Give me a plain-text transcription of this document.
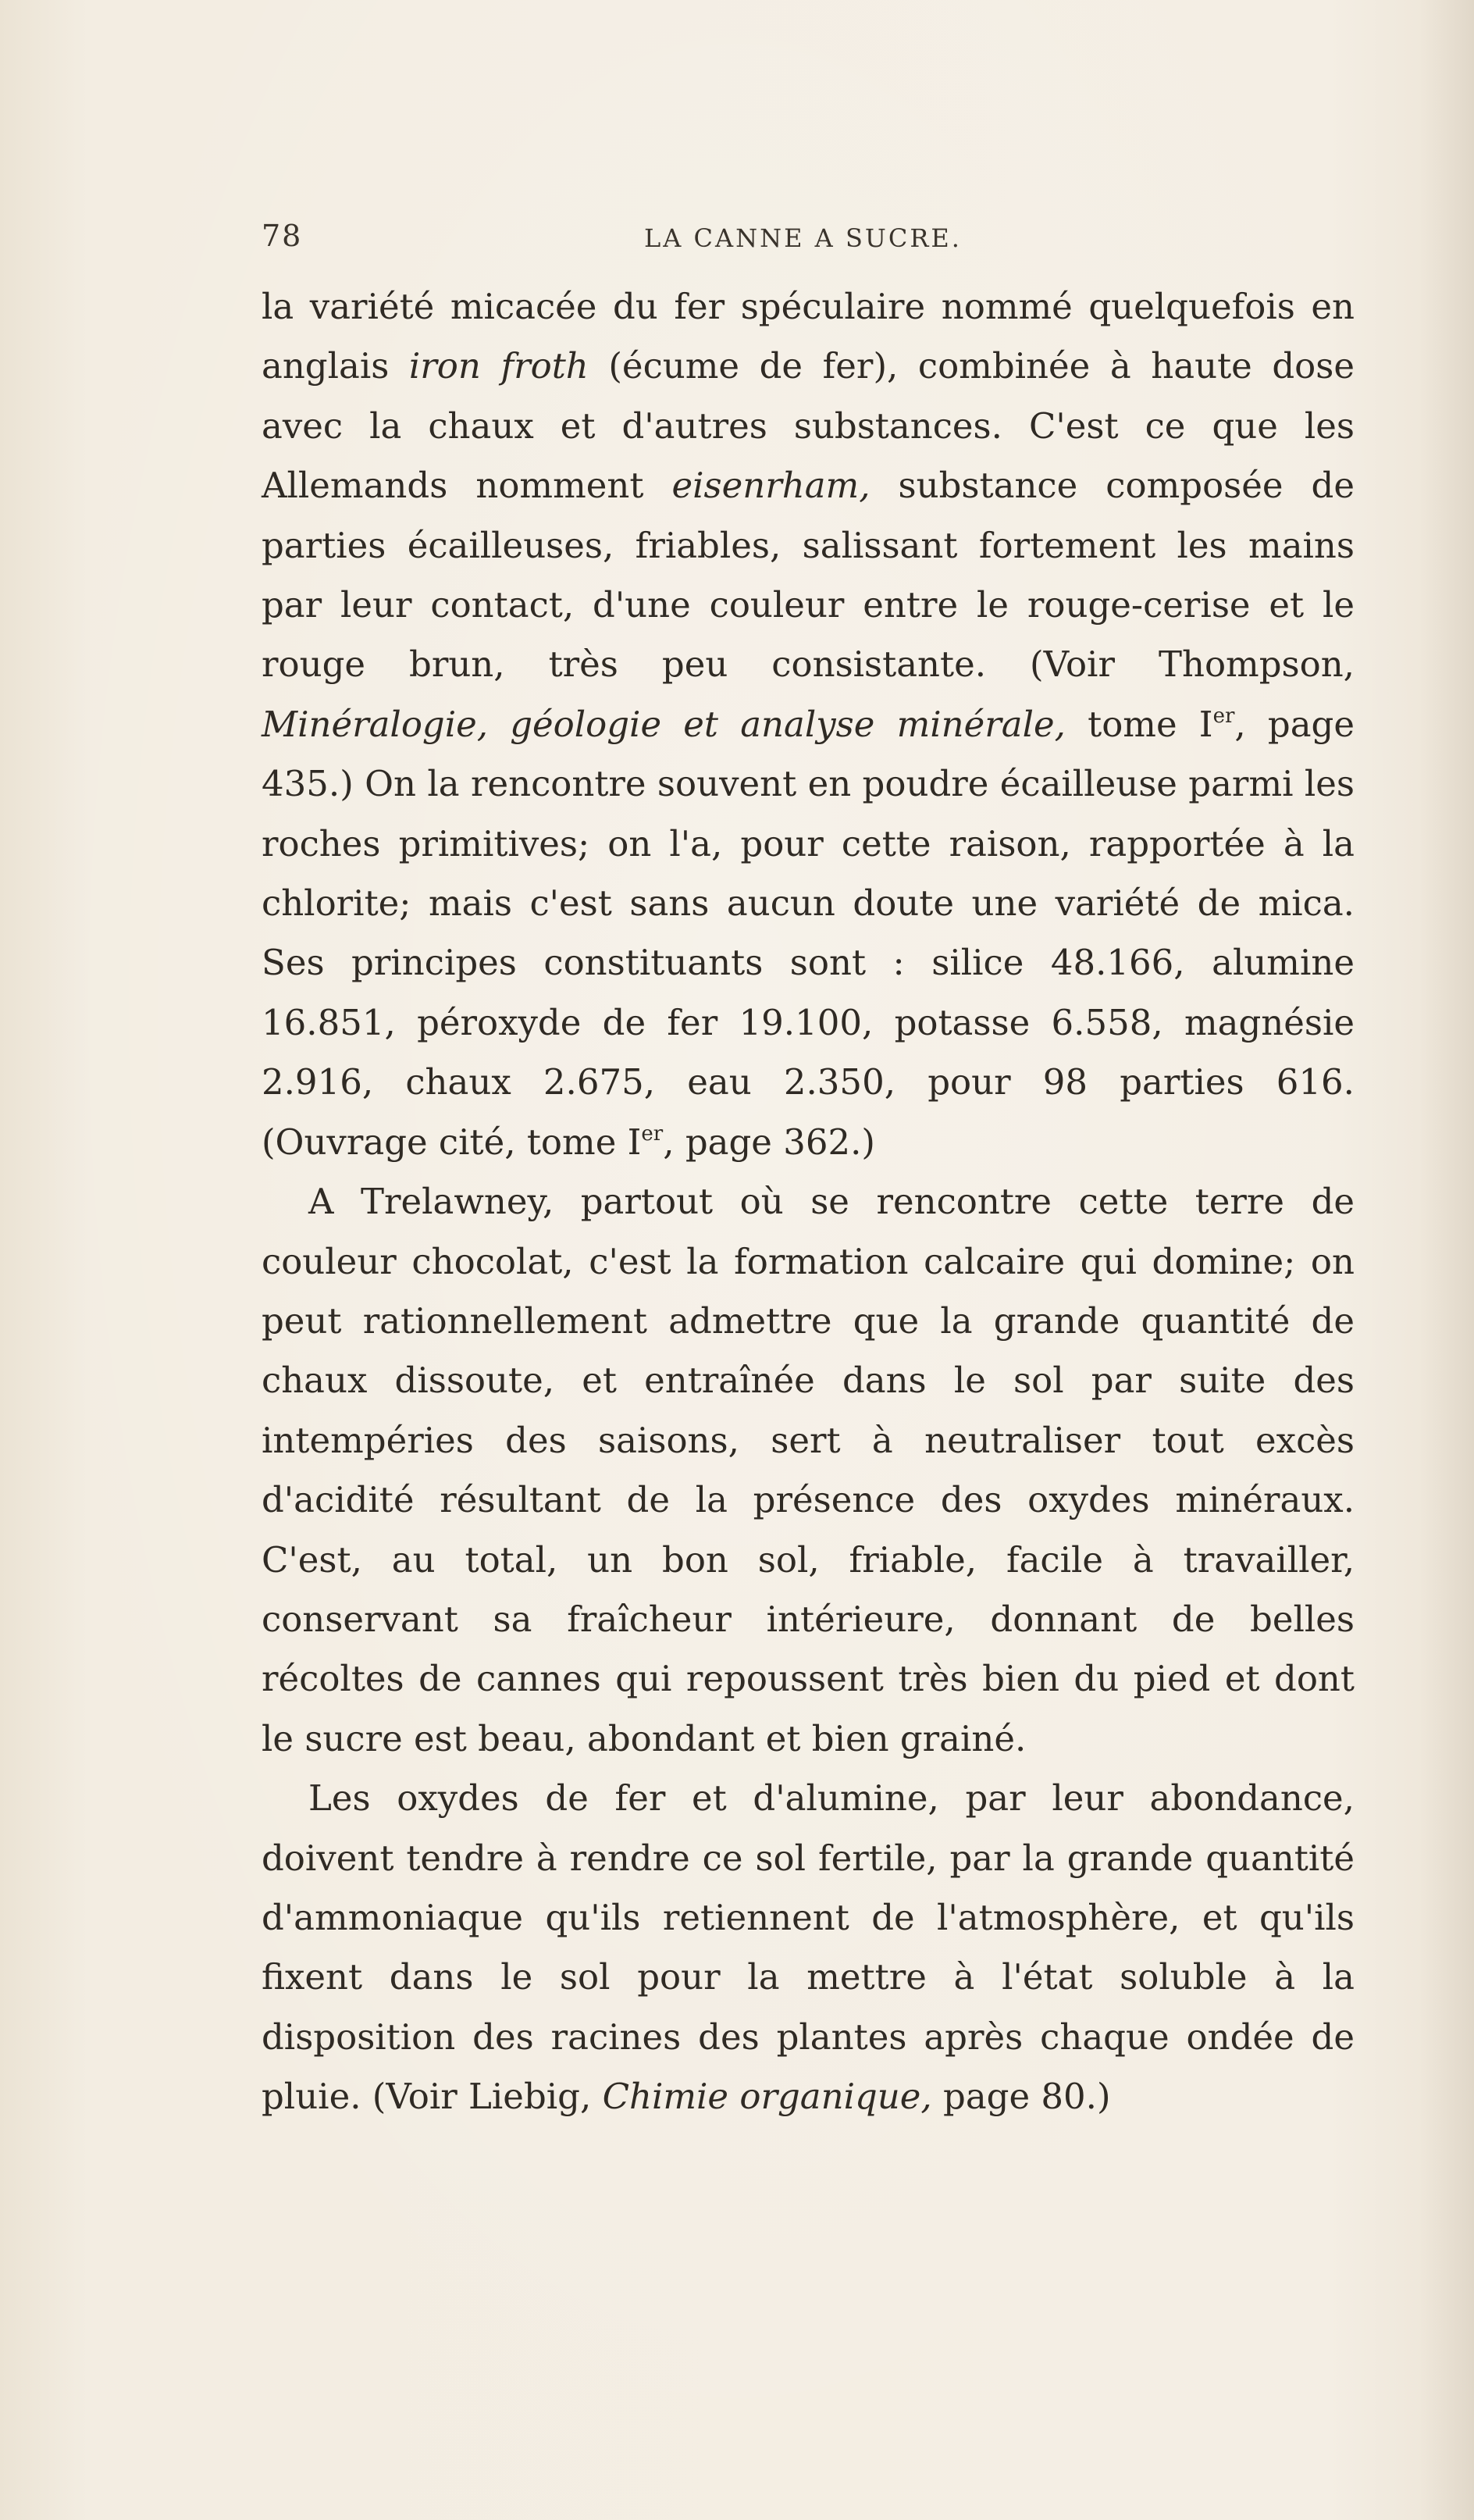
78	LA CANNE A SUCRE.

la variété micacée du fer spéculaire nommé quelquefois en anglais iron froth (écume de fer), combinée à haute dose avec la chaux et d'autres substances. C'est ce que les Allemands nomment eisenrham, substance composée de parties écailleuses, friables, salissant fortement les mains par leur contact, d'une couleur entre le rouge-cerise et le rouge brun, très peu consistante. (Voir Thompson, Minéralogie, géologie et analyse minérale, tome Ier, page 435.) On la rencontre souvent en poudre écailleuse parmi les roches primitives; on l'a, pour cette raison, rapportée à la chlorite; mais c'est sans aucun doute une variété de mica. Ses principes constituants sont : silice 48.166, alumine 16.851, péroxyde de fer 19.100, potasse 6.558, magnésie 2.916, chaux 2.675, eau 2.350, pour 98 parties 616. (Ouvrage cité, tome Ier, page 362.)

A Trelawney, partout où se rencontre cette terre de couleur chocolat, c'est la formation calcaire qui domine; on peut rationnellement admettre que la grande quantité de chaux dissoute, et entraînée dans le sol par suite des intempéries des saisons, sert à neutraliser tout excès d'acidité résultant de la présence des oxydes minéraux. C'est, au total, un bon sol, friable, facile à travailler, conservant sa fraîcheur intérieure, donnant de belles récoltes de cannes qui repoussent très bien du pied et dont le sucre est beau, abondant et bien grainé.

Les oxydes de fer et d'alumine, par leur abondance, doivent tendre à rendre ce sol fertile, par la grande quantité d'ammoniaque qu'ils retiennent de l'atmosphère, et qu'ils fixent dans le sol pour la mettre à l'état soluble à la disposition des racines des plantes après chaque ondée de pluie. (Voir Liebig, Chimie organique, page 80.)
